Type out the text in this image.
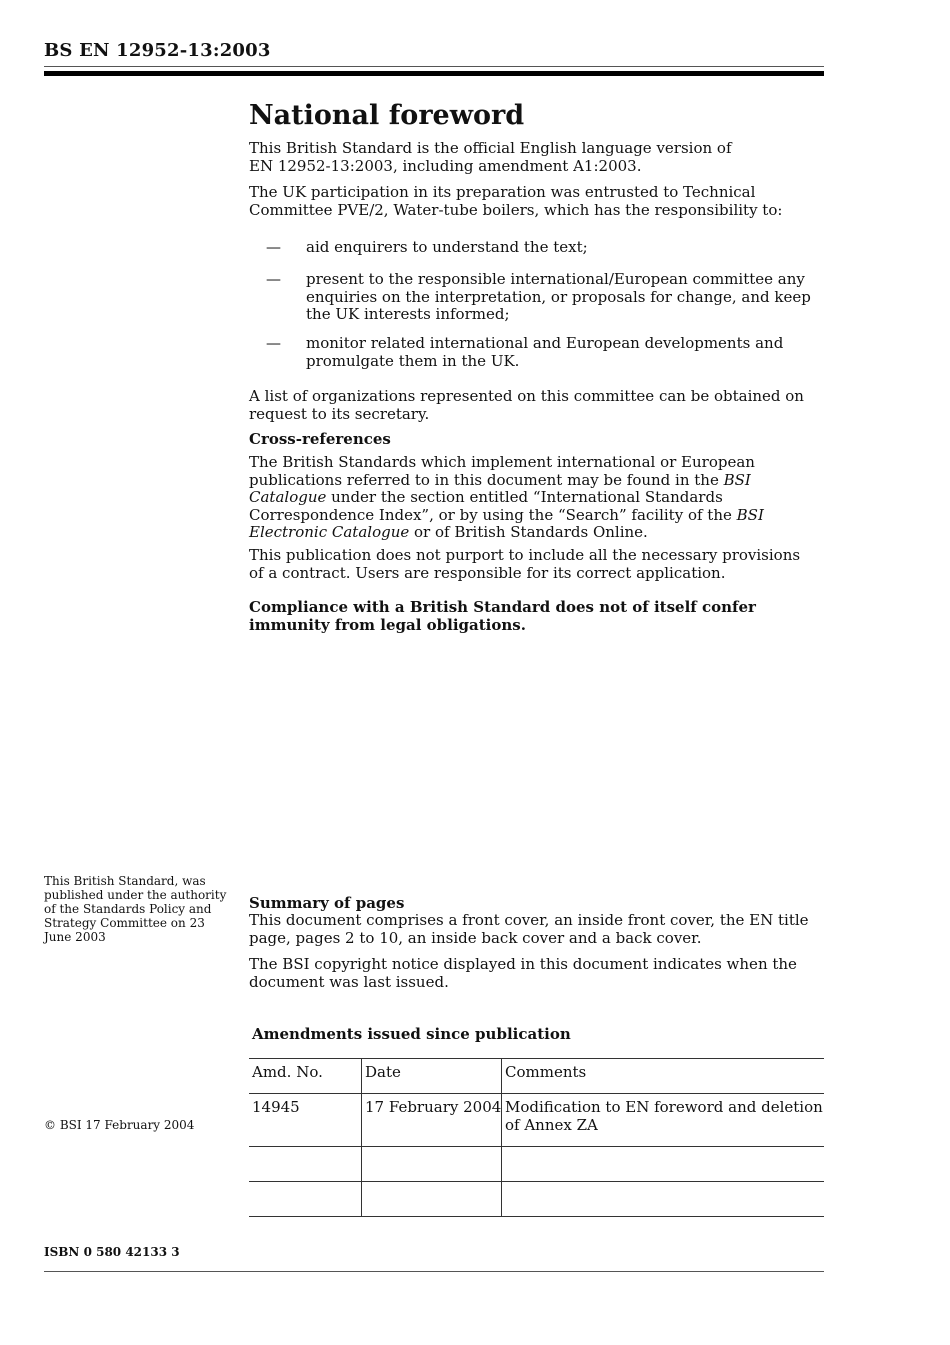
BS EN 12952-13:2003
National foreword
This British Standard is the official English language version of
EN 12952-13:2003, including amendment A1:2003.
The UK participation in its preparation was entrusted to Technical Committee PVE/2, Water-tube boilers, which has the responsibility to:
— aid enquirers to understand the text;
— present to the responsible international/European committee any enquiries on the interpretation, or proposals for change, and keep the UK interests informed;
— monitor related international and European developments and promulgate them in the UK.
A list of organizations represented on this committee can be obtained on request to its secretary.
Cross-references
The British Standards which implement international or European publications referred to in this document may be found in the BSI Catalogue under the section entitled “International Standards Correspondence Index”, or by using the “Search” facility of the BSI Electronic Catalogue or of British Standards Online.
This publication does not purport to include all the necessary provisions of a contract. Users are responsible for its correct application.
Compliance with a British Standard does not of itself confer immunity from legal obligations.
This British Standard, was published under the authority of the Standards Policy and Strategy Committee on 23 June 2003
© BSI 17 February 2004
Summary of pages
This document comprises a front cover, an inside front cover, the EN title page, pages 2 to 10, an inside back cover and a back cover.
The BSI copyright notice displayed in this document indicates when the document was last issued.
Amendments issued since publication
Amd. No.	Date	Comments
14945	17 February 2004 Modification to EN foreword and deletion of Annex ZA
ISBN 0 580 42133 3
